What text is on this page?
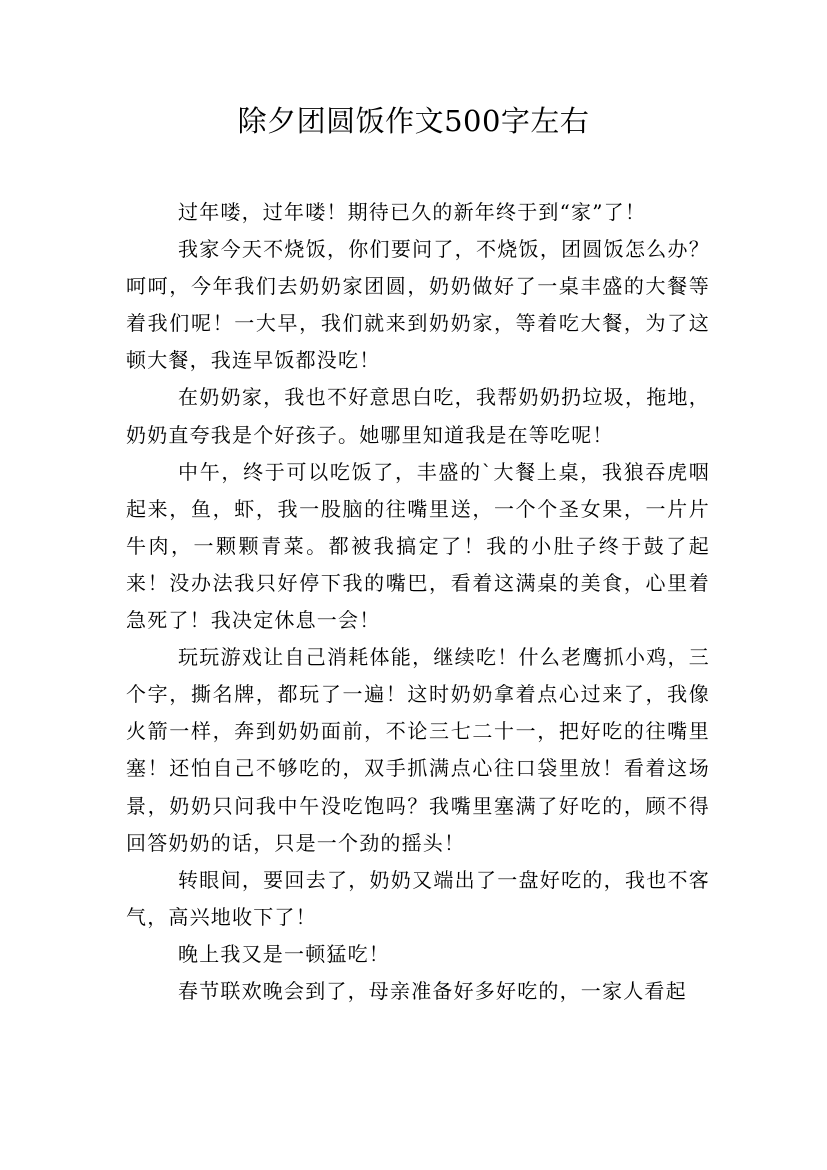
除夕团圆饭作文500字左右

过年喽，过年喽！期待已久的新年终于到“家”了！

我家今天不烧饭，你们要问了，不烧饭，团圆饭怎么办？呵呵，今年我们去奶奶家团圆，奶奶做好了一桌丰盛的大餐等着我们呢！一大早，我们就来到奶奶家，等着吃大餐，为了这顿大餐，我连早饭都没吃！

在奶奶家，我也不好意思白吃，我帮奶奶扔垃圾，拖地，奶奶直夸我是个好孩子。她哪里知道我是在等吃呢！

中午，终于可以吃饭了，丰盛的`大餐上桌，我狼吞虎咽起来，鱼，虾，我一股脑的往嘴里送，一个个圣女果，一片片牛肉，一颗颗青菜。都被我搞定了！我的小肚子终于鼓了起来！没办法我只好停下我的嘴巴，看着这满桌的美食，心里着急死了！我决定休息一会！

玩玩游戏让自己消耗体能，继续吃！什么老鹰抓小鸡，三个字，撕名牌，都玩了一遍！这时奶奶拿着点心过来了，我像火箭一样，奔到奶奶面前，不论三七二十一，把好吃的往嘴里塞！还怕自己不够吃的，双手抓满点心往口袋里放！看着这场景，奶奶只问我中午没吃饱吗？我嘴里塞满了好吃的，顾不得回答奶奶的话，只是一个劲的摇头！

转眼间，要回去了，奶奶又端出了一盘好吃的，我也不客气，高兴地收下了！

晚上我又是一顿猛吃！

春节联欢晚会到了，母亲准备好多好吃的，一家人看起
